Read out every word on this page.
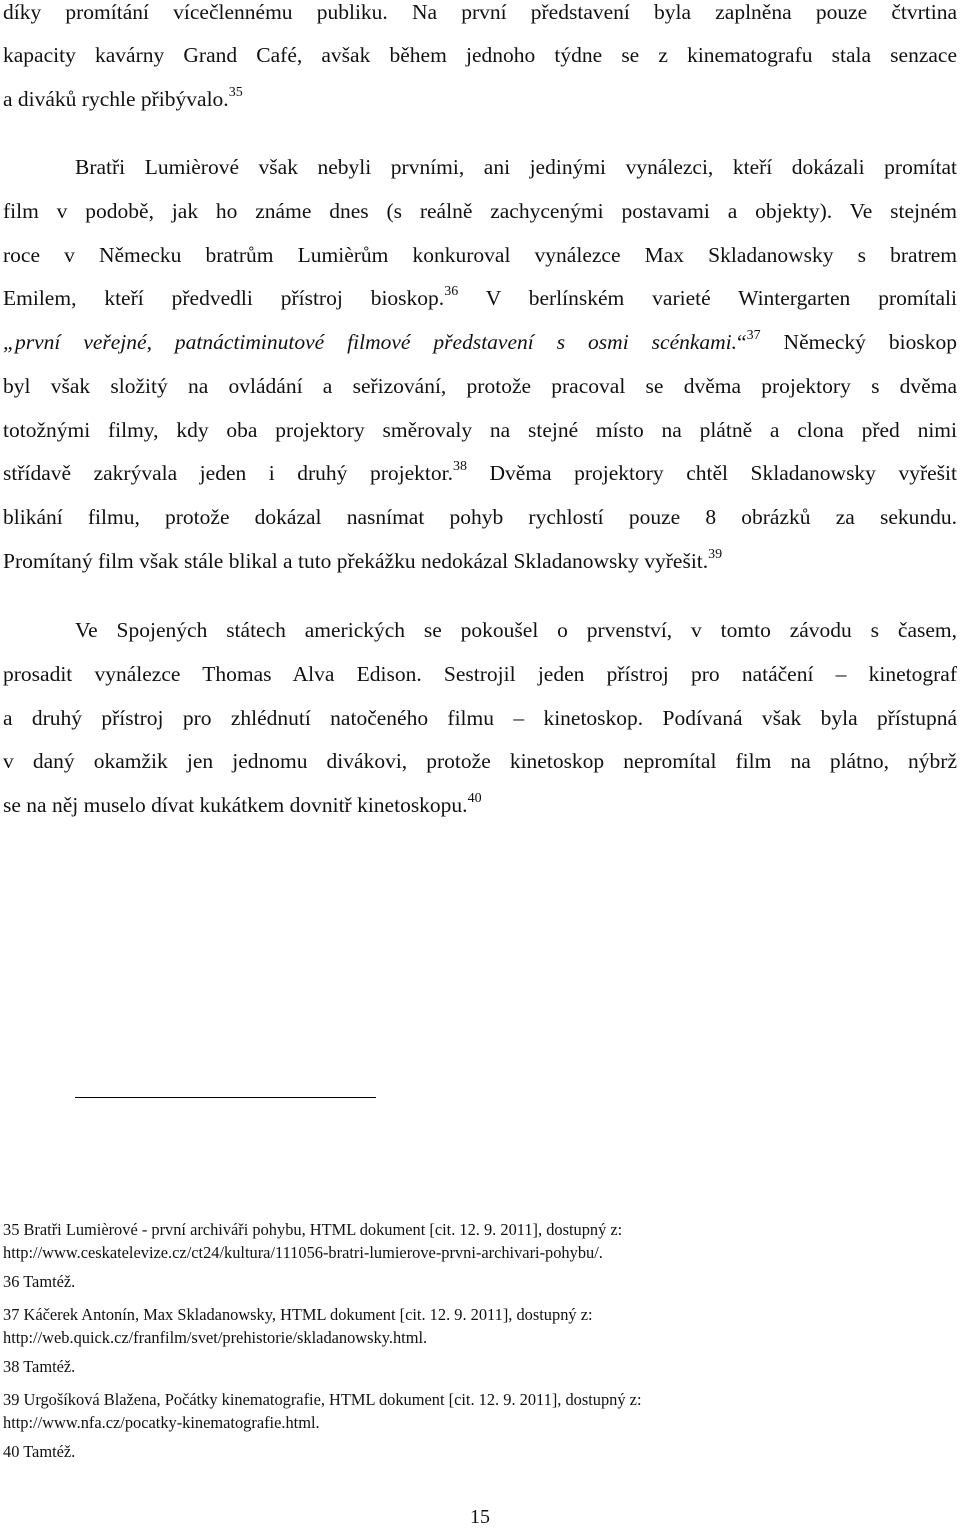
díky promítání vícečlennému publiku. Na první představení byla zaplněna pouze čtvrtina

kapacity kavárny Grand Café, avšak během jednoho týdne se z kinematografu stala senzace

a diváků rychle přibývalo.$^{35}$

Bratři Lumièrové však nebyli prvními, ani jedinými vynálezci, kteří dokázali promítat

film v podobě, jak ho známe dnes (s reálně zachycenými postavami a objekty). Ve stejném

roce v Německu bratrům Lumièrům konkuroval vynálezce Max Skladanowsky s bratrem

Emilem, kteří předvedli přístroj bioskop.$^{36}$ V berlínském varieté Wintergarten promítali

„první veřejné, patnáctiminutové filmové představení s osmi scénkami.“$^{37}$ Německý bioskop

byl však složitý na ovládání a seřizování, protože pracoval se dvěma projektory s dvěma

totožnými filmy, kdy oba projektory směrovaly na stejné místo na plátně a clona před nimi

střídavě zakrývala jeden i druhý projektor.$^{38}$ Dvěma projektory chtěl Skladanowsky vyřešit

blikání filmu, protože dokázal nasnímat pohyb rychlostí pouze 8 obrázků za sekundu.

Promítaný film však stále blikal a tuto překážku nedokázal Skladanowsky vyřešit.$^{39}$

Ve Spojených státech amerických se pokoušel o prvenství, v tomto závodu s časem,

prosadit vynálezce Thomas Alva Edison. Sestrojil jeden přístroj pro natáčení – kinetograf

a druhý přístroj pro zhlédnutí natočeného filmu – kinetoskop. Podívaná však byla přístupná

v daný okamžik jen jednomu divákovi, protože kinetoskop nepromítal film na plátno, nýbrž

se na něj muselo dívat kukátkem dovnitř kinetoskopu.$^{40}$

35 Bratři Lumièrové - první archiváři pohybu, HTML dokument [cit. 12. 9. 2011], dostupný z:

http://www.ceskatelevize.cz/ct24/kultura/111056-bratri-lumierove-prvni-archivari-pohybu/.

36 Tamtéž.

37 Káčerek Antonín, Max Skladanowsky, HTML dokument [cit. 12. 9. 2011], dostupný z:

http://web.quick.cz/franfilm/svet/prehistorie/skladanowsky.html.

38 Tamtéž.

39 Urgošíková Blažena, Počátky kinematografie, HTML dokument [cit. 12. 9. 2011], dostupný z:

http://www.nfa.cz/pocatky-kinematografie.html.

40 Tamtéž.

15
